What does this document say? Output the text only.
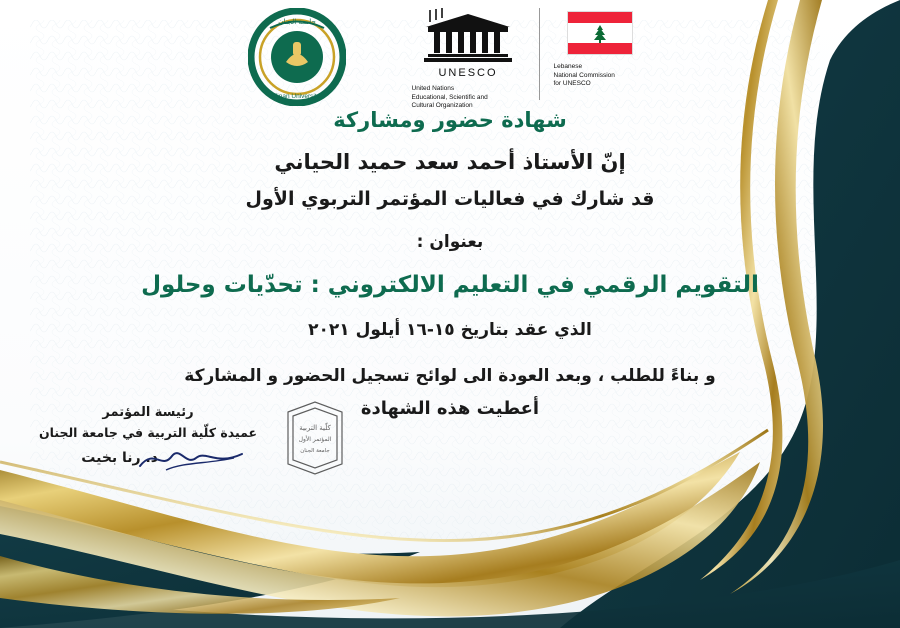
جامعة الجنان
Jinan University
UNESCO
United Nations
Educational, Scientific and
Cultural Organization
Lebanese
National Commission
for UNESCO
شهادة حضور ومشاركة
إنّ الأستاذ أحمد سعد حميد الحياني
قد شارك في فعاليات المؤتمر التربوي الأول
بعنوان :
التقويم الرقمي في التعليم الالكتروني : تحدّيات وحلول
الذي عقد بتاريخ ١٥-١٦ أيلول ٢٠٢١
و بناءً للطلب ، وبعد العودة الى لوائح تسجيل الحضور و المشاركة
أعطيت هذه الشهادة
رئيسة المؤتمر
عميدة كلّية التربية في جامعة الجنان
د. رنا بخيت
كلّية التربية
المؤتمر الأول
جامعة الجنان
